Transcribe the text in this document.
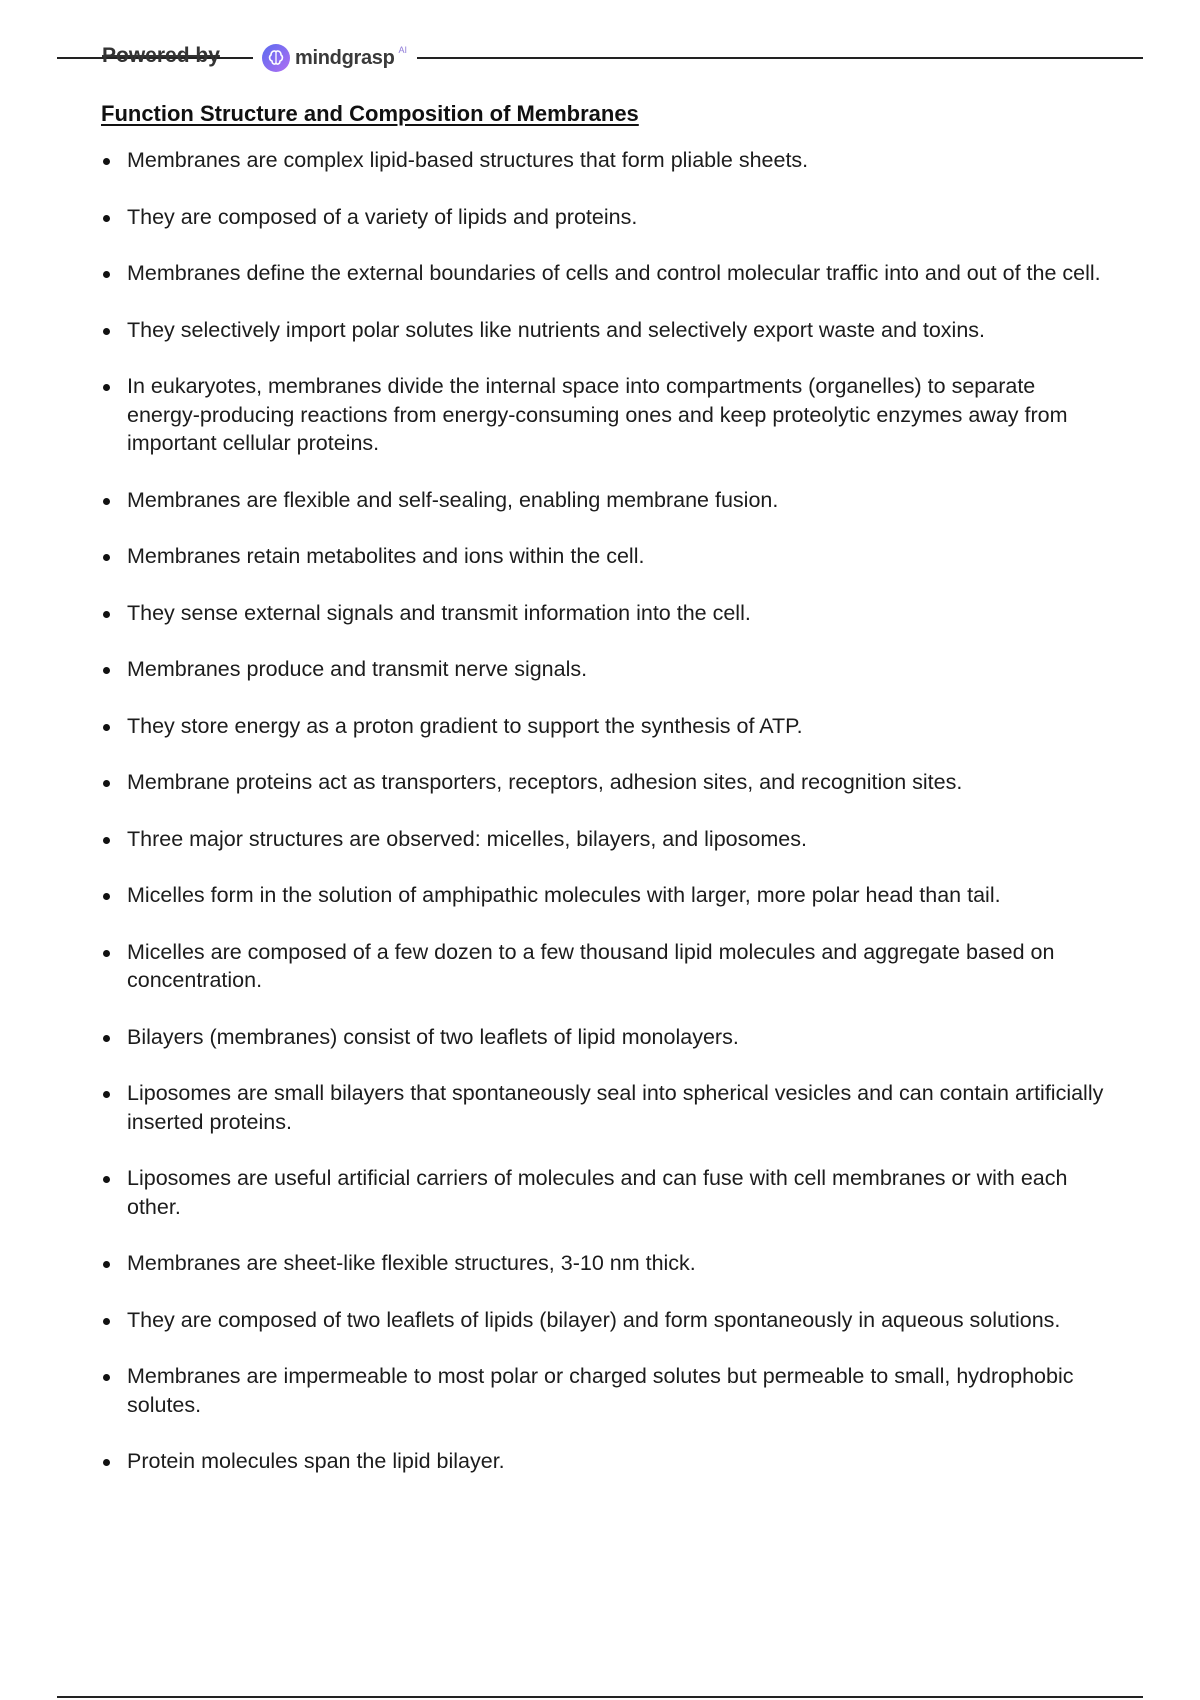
Powered by	mindgrasp AI
Function Structure and Composition of Membranes
Membranes are complex lipid-based structures that form pliable sheets.
They are composed of a variety of lipids and proteins.
Membranes define the external boundaries of cells and control molecular traffic into and out of the cell.
They selectively import polar solutes like nutrients and selectively export waste and toxins.
In eukaryotes, membranes divide the internal space into compartments (organelles) to separate energy-producing reactions from energy-consuming ones and keep proteolytic enzymes away from important cellular proteins.
Membranes are flexible and self-sealing, enabling membrane fusion.
Membranes retain metabolites and ions within the cell.
They sense external signals and transmit information into the cell.
Membranes produce and transmit nerve signals.
They store energy as a proton gradient to support the synthesis of ATP.
Membrane proteins act as transporters, receptors, adhesion sites, and recognition sites.
Three major structures are observed: micelles, bilayers, and liposomes.
Micelles form in the solution of amphipathic molecules with larger, more polar head than tail.
Micelles are composed of a few dozen to a few thousand lipid molecules and aggregate based on concentration.
Bilayers (membranes) consist of two leaflets of lipid monolayers.
Liposomes are small bilayers that spontaneously seal into spherical vesicles and can contain artificially inserted proteins.
Liposomes are useful artificial carriers of molecules and can fuse with cell membranes or with each other.
Membranes are sheet-like flexible structures, 3-10 nm thick.
They are composed of two leaflets of lipids (bilayer) and form spontaneously in aqueous solutions.
Membranes are impermeable to most polar or charged solutes but permeable to small, hydrophobic solutes.
Protein molecules span the lipid bilayer.
